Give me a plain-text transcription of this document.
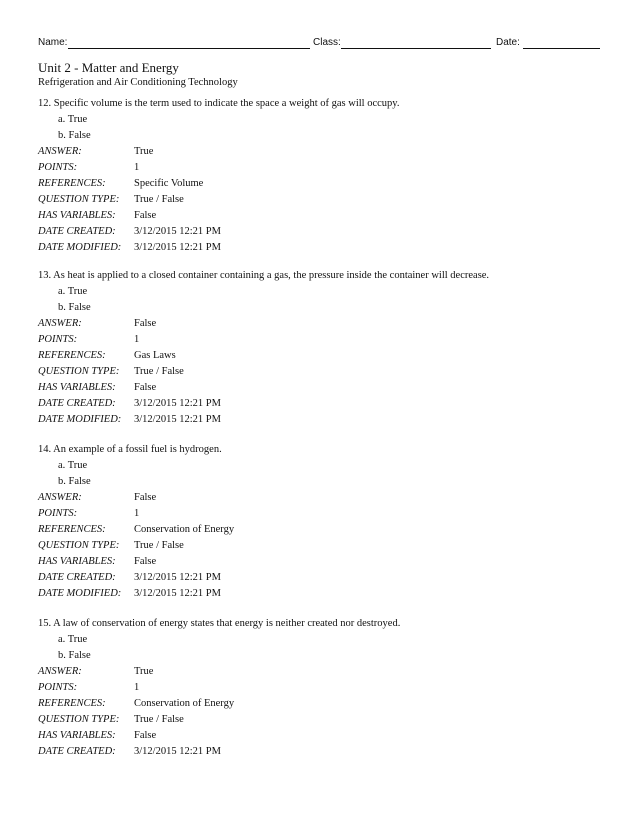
Name:	Class:	Date:
Unit 2 - Matter and Energy
Refrigeration and Air Conditioning Technology
12. Specific volume is the term used to indicate the space a weight of gas will occupy.
a. True
b. False
ANSWER:	True
POINTS:	1
REFERENCES:	Specific Volume
QUESTION TYPE: True / False
HAS VARIABLES: False
DATE CREATED: 3/12/2015 12:21 PM
DATE MODIFIED: 3/12/2015 12:21 PM
13. As heat is applied to a closed container containing a gas, the pressure inside the container will decrease.
a. True
b. False
ANSWER:	False
POINTS:	1
REFERENCES:	Gas Laws
QUESTION TYPE: True / False
HAS VARIABLES: False
DATE CREATED: 3/12/2015 12:21 PM
DATE MODIFIED: 3/12/2015 12:21 PM
14. An example of a fossil fuel is hydrogen.
a. True
b. False
ANSWER:	False
POINTS:	1
REFERENCES:	Conservation of Energy
QUESTION TYPE: True / False
HAS VARIABLES: False
DATE CREATED: 3/12/2015 12:21 PM
DATE MODIFIED: 3/12/2015 12:21 PM
15. A law of conservation of energy states that energy is neither created nor destroyed.
a. True
b. False
ANSWER:	True
POINTS:	1
REFERENCES:	Conservation of Energy
QUESTION TYPE: True / False
HAS VARIABLES: False
DATE CREATED: 3/12/2015 12:21 PM
